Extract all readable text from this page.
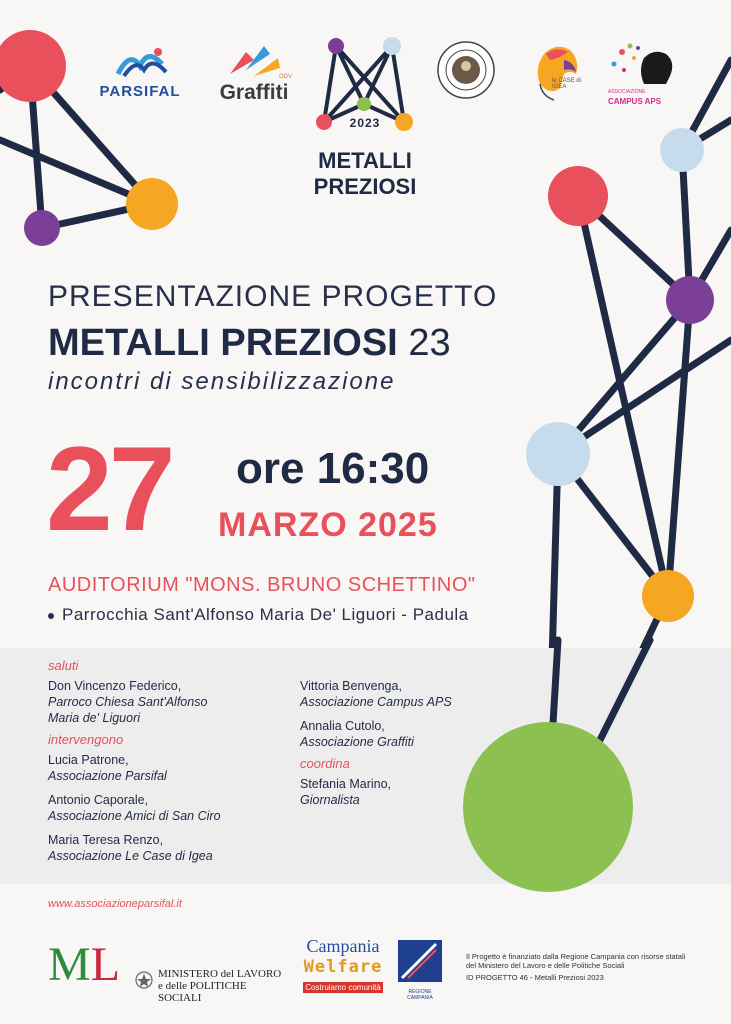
PARSIFAL	Graffiti
ODV
2023
METALLI
PREZIOSI
le CASE di IGEA
ASSOCIAZIONE
CAMPUS APS
PRESENTAZIONE PROGETTO
METALLI PREZIOSI 23
incontri di sensibilizzazione
27 ore 16:30
MARZO 2025
AUDITORIUM "MONS. BRUNO SCHETTINO"
Parrocchia Sant'Alfonso Maria De' Liguori - Padula
saluti
Don Vincenzo Federico,
Parroco Chiesa Sant'Alfonso
Maria de' Liguori
intervengono
Lucia Patrone,
Associazione Parsifal
Antonio Caporale,
Associazione Amici di San Ciro
Maria Teresa Renzo,
Associazione Le Case di Igea
Vittoria Benvenga,
Associazione Campus APS
Annalia Cutolo,
Associazione Graffiti
coordina
Stefania Marino,
Giornalista
www.associazioneparsifal.it
ML	MINISTERO del LAVORO
e delle POLITICHE SOCIALI
Campania
Welfare
Costruiamo comunità	REGIONE CAMPANIA
Il Progetto è finanziato dalla Regione Campania con risorse statali
del Ministero del Lavoro e delle Politiche Sociali
ID PROGETTO 46 - Metalli Preziosi 2023
